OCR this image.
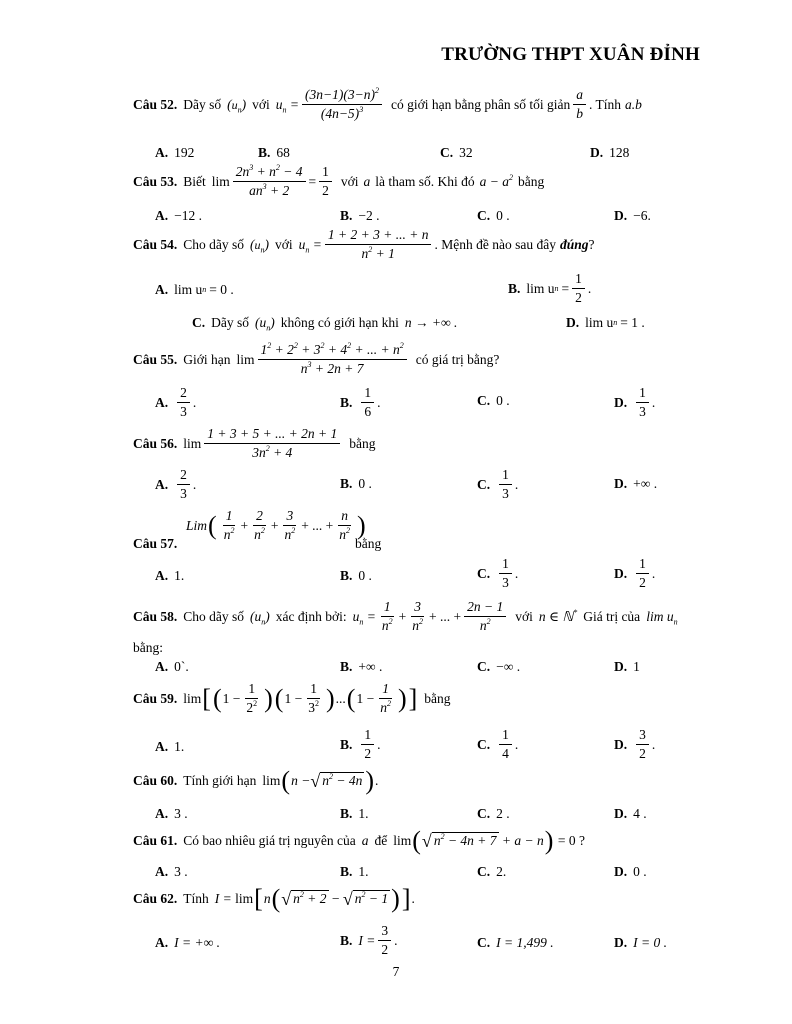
TRƯỜNG THPT XUÂN ĐỈNH
Câu 52. Dãy số $(u_n)$ với $u_n = \frac{(3n-1)(3-n)^2}{(4n-5)^3}$ có giới hạn bằng phân số tối giản $\frac{a}{b}$ . Tính a.b
A. 192	B. 68	C. 32	D. 128
Câu 53. Biết $\lim \frac{2n^3 + n^2 - 4}{an^3 + 2} = \frac{1}{2}$ với a là tham số. Khi đó $a - a^2$ bằng
A. −12 .	B. −2 .	C. 0 .	D. −6.
Câu 54. Cho dãy số $(u_n)$ với $u_n = \frac{1 + 2 + 3 + ... + n}{n^2 + 1}$ . Mệnh đề nào sau đây đúng ?
A. lim u n = 0 .	B. lim u $n = \frac{1}{2}$ .
C. Dãy số $(u_n)$ không có giới hạn khi n → +∞ .	D. lim u n = 1 .
Câu 55. Giới hạn $\lim \frac{1^2 + 2^2 + 3^2 + 4^2 + ... + n^2}{n^3 + 2n + 7}$ có giá trị bằng?
A. $\frac{2}{3}$ .	B. $\frac{1}{6}$ .	C. 0 .	D. $\frac{1}{3}$ .
Câu 56. $\lim \frac{1 + 3 + 5 + ... + 2n + 1}{3n^2 + 4}$ bằng
A. $\frac{2}{3}$ .	B. 0 .	C. $\frac{1}{3}$ .	D. +∞ .
Lim ( $\frac{1}{n^2} + \frac{2}{n^2} + \frac{3}{n^2}$ + ... + $\frac{n}{n^2}$ )
Câu 57.	bằng
A. 1.	B. 0 .	C. $\frac{1}{3}$ .	D. $\frac{1}{2}$ .
Câu 58. Cho dãy số $(u_n)$ xác định bởi: $u_n = \frac{1}{n^2} + \frac{3}{n^2}$ + ... + $\frac{2n - 1}{n^2}$ với n ∈ ℕ* Giá trị của $\lim u_n$
bằng:
A. 0`.	B. +∞ .	C. −∞ .	D. 1
Câu 59. lim [ ( $1 - \frac{1}{2^2}$ ) ( $1 - \frac{1}{3^2}$ ) ... ( $1 - \frac{1}{n^2}$ ) ] bằng
A. 1.	B. $\frac{1}{2}$ .	C. $\frac{1}{4}$ .	D. $\frac{3}{2}$ .
Câu 60. Tính giới hạn lim ( n − √ $n^2 - 4n$ ) .
A. 3 .	B. 1.	C. 2 .	D. 4 .
Câu 61. Có bao nhiêu giá trị nguyên của a để lim ( √ $n^2 - 4n + 7 + a - n$ ) = 0 ?
A. 3 .	B. 1.	C. 2.	D. 0 .
Câu 62. Tính I = lim [ n ( √ $n^2 + 2$ − √ $n^2 - 1$ ) ] .
A. I = +∞ .	B. $I = \frac{3}{2}$ .	C. I = 1,499 .	D. I = 0 .
7
